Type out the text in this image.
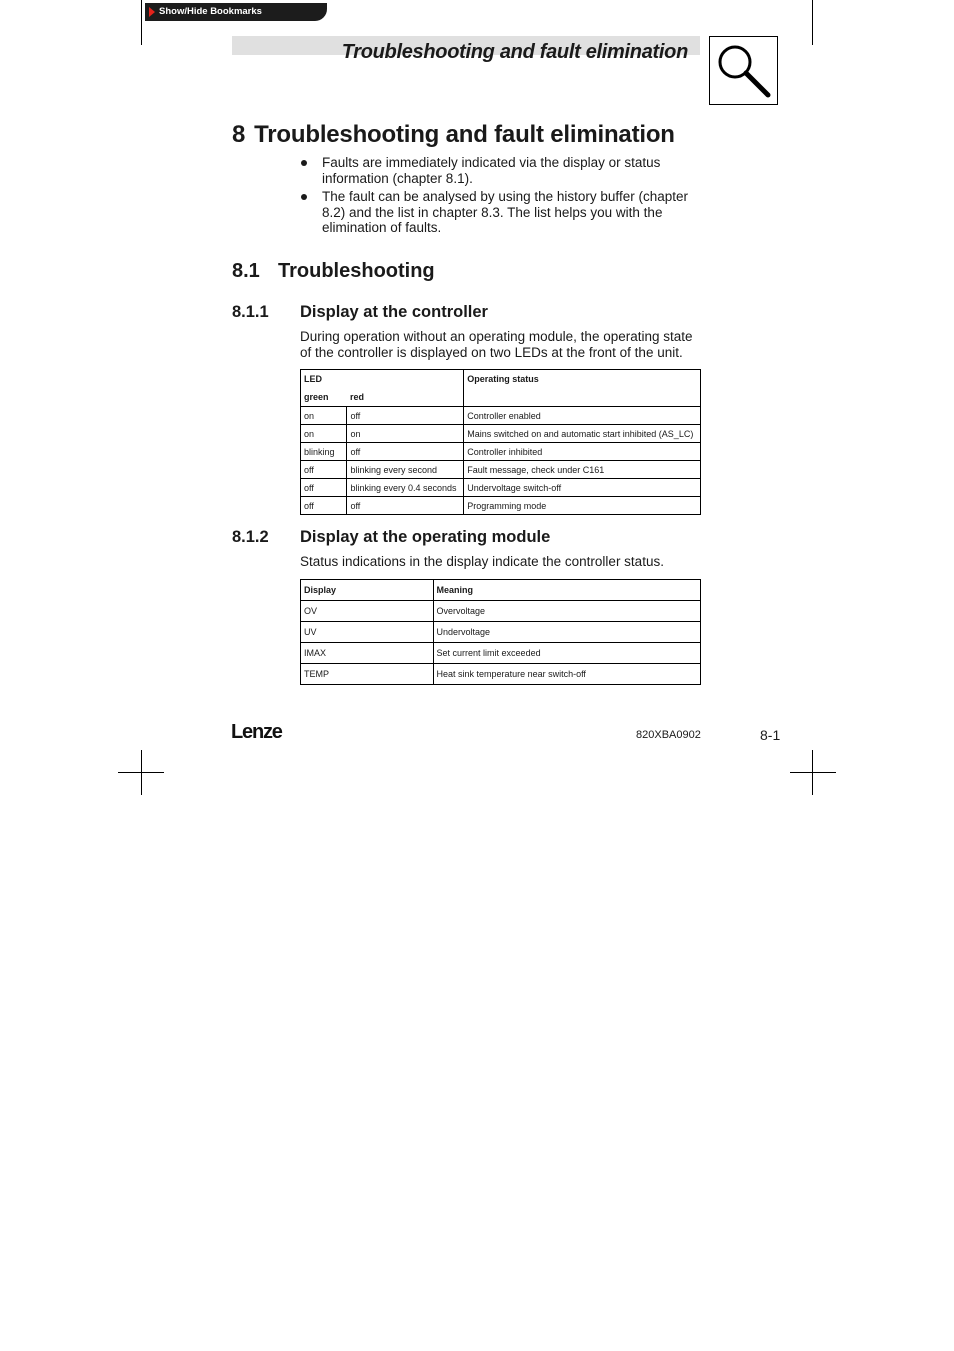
Show/Hide Bookmarks
Troubleshooting and fault elimination
8 Troubleshooting and fault elimination
Faults are immediately indicated via the display or status information (chapter 8.1).
The fault can be analysed by using the history buffer (chapter 8.2) and the list in chapter 8.3. The list helps you with the elimination of faults.
8.1 Troubleshooting
8.1.1 Display at the controller
During operation without an operating module, the operating state of the controller is displayed on two LEDs at the front of the unit.
LED		Operating status
green	red	
on	off	Controller enabled
on	on	Mains switched on and automatic start inhibited (AS_LC)
blinking	off	Controller inhibited
off	blinking every second	Fault message, check under C161
off	blinking every 0.4 seconds	Undervoltage switch-off
off	off	Programming mode
8.1.2 Display at the operating module
Status indications in the display indicate the controller status.
Display	Meaning
OV	Overvoltage
UV	Undervoltage
IMAX	Set current limit exceeded
TEMP	Heat sink temperature near switch-off
Lenze	820XBA0902	8-1
